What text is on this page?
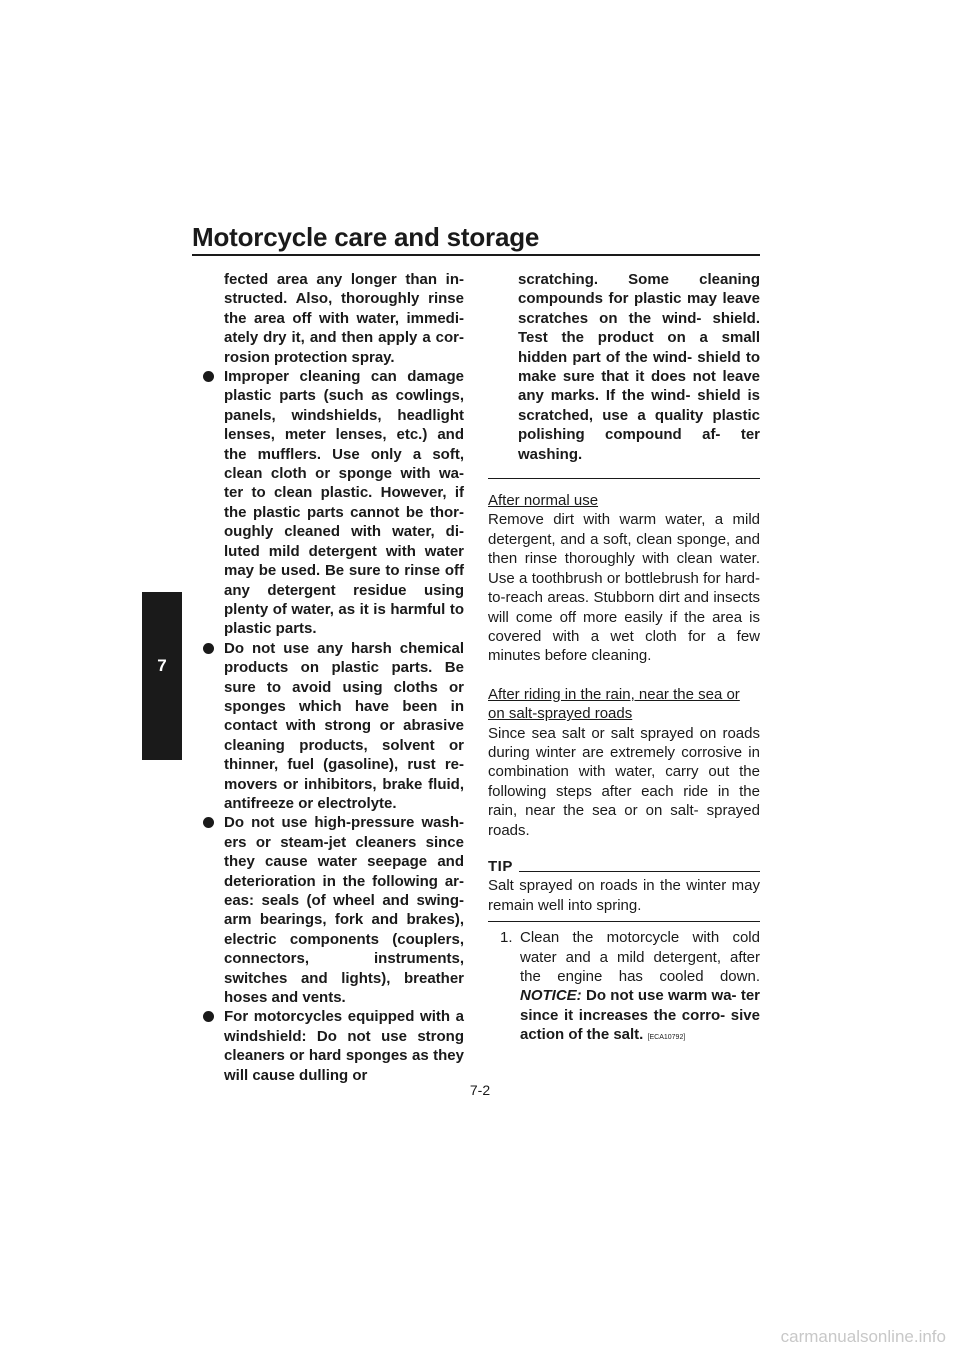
Motorcycle care and storage
7

fected area any longer than in- structed. Also, thoroughly rinse the area off with water, immedi- ately dry it, and then apply a cor- rosion protection spray.

Improper cleaning can damage plastic parts (such as cowlings, panels, windshields, headlight lenses, meter lenses, etc.) and the mufflers. Use only a soft, clean cloth or sponge with wa- ter to clean plastic. However, if the plastic parts cannot be thor- oughly cleaned with water, di- luted mild detergent with water may be used. Be sure to rinse off any detergent residue using plenty of water, as it is harmful to plastic parts.

Do not use any harsh chemical products on plastic parts. Be sure to avoid using cloths or sponges which have been in contact with strong or abrasive cleaning products, solvent or thinner, fuel (gasoline), rust re- movers or inhibitors, brake fluid, antifreeze or electrolyte.

Do not use high-pressure wash- ers or steam-jet cleaners since they cause water seepage and deterioration in the following ar- eas: seals (of wheel and swing- arm bearings, fork and brakes), electric components (couplers, connectors, instruments, switches and lights), breather hoses and vents.

For motorcycles equipped with a windshield: Do not use strong cleaners or hard sponges as they will cause dulling or

scratching. Some cleaning compounds for plastic may leave scratches on the wind- shield. Test the product on a small hidden part of the wind- shield to make sure that it does not leave any marks. If the wind- shield is scratched, use a quality plastic polishing compound af- ter washing.

After normal use

Remove dirt with warm water, a mild detergent, and a soft, clean sponge, and then rinse thoroughly with clean water. Use a toothbrush or bottlebrush for hard-to-reach areas. Stubborn dirt and insects will come off more easily if the area is covered with a wet cloth for a few minutes before cleaning.

After riding in the rain, near the sea or on salt-sprayed roads

Since sea salt or salt sprayed on roads during winter are extremely corrosive in combination with water, carry out the following steps after each ride in the rain, near the sea or on salt- sprayed roads.

TIP

Salt sprayed on roads in the winter may remain well into spring.

1. Clean the motorcycle with cold water and a mild detergent, after the engine has cooled down. NOTICE: Do not use warm wa- ter since it increases the corro- sive action of the salt. [ECA10792]
7-2
carmanualsonline.info
